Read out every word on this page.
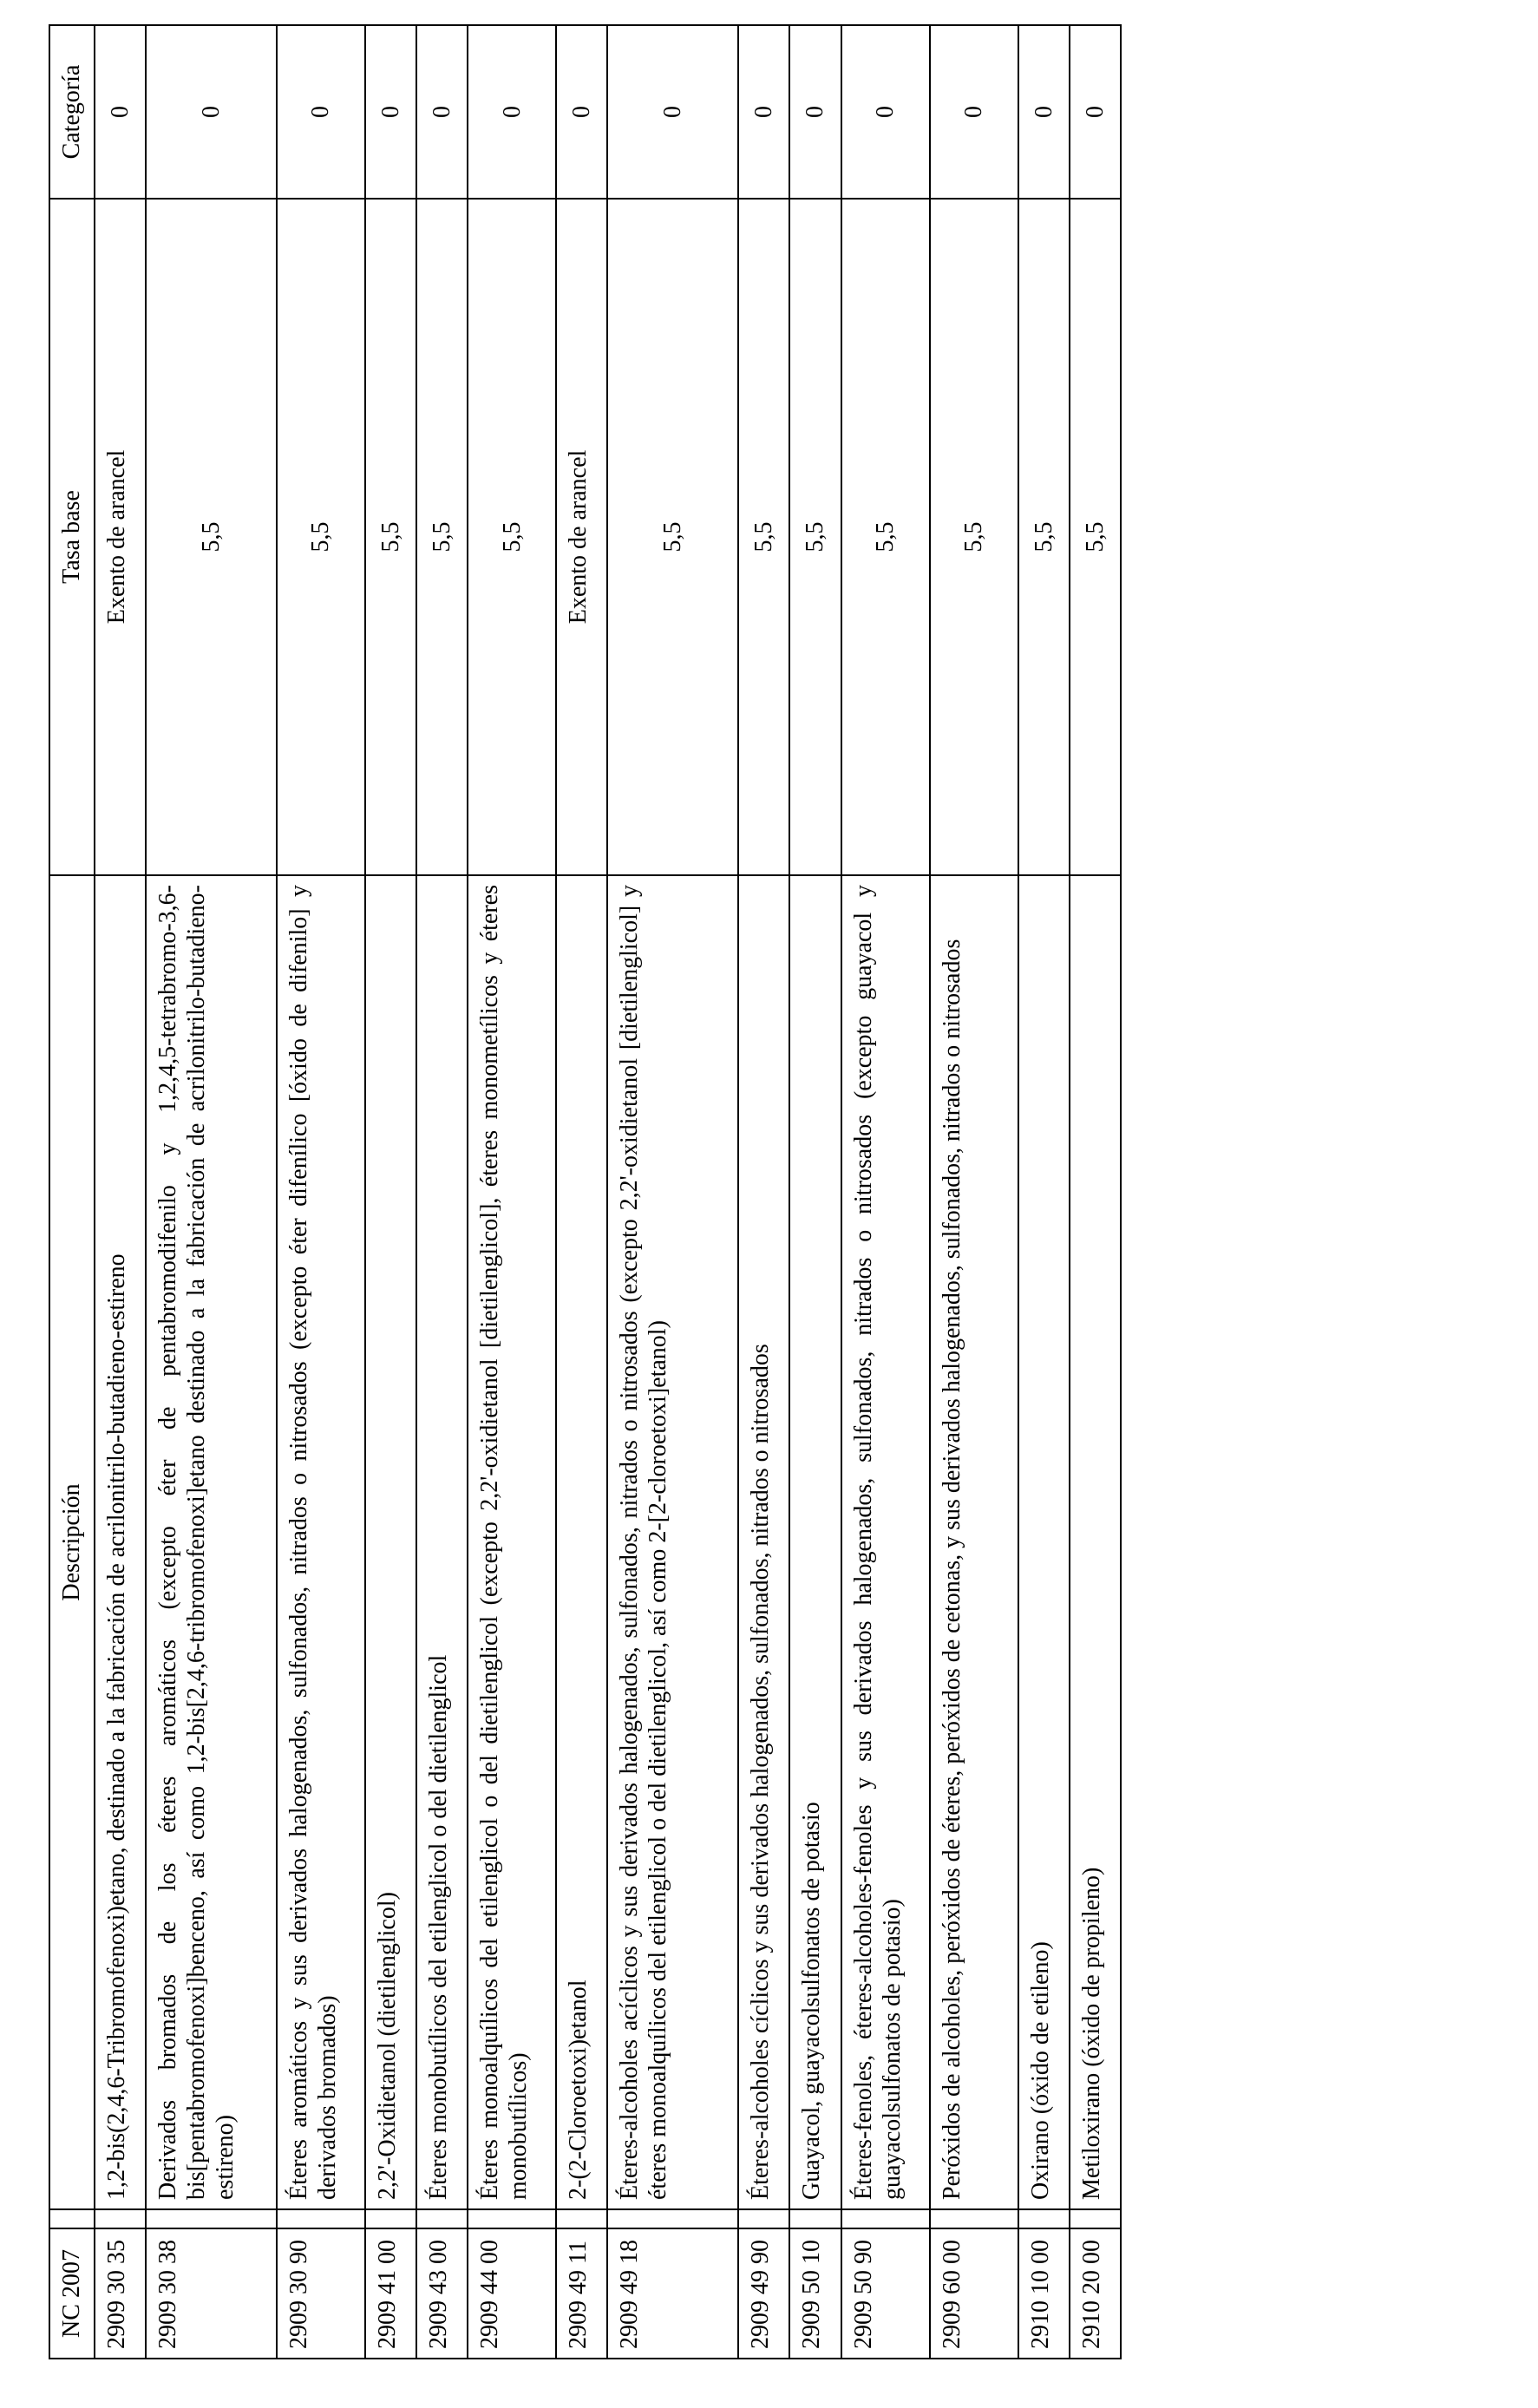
NC 2007		Descripción	Tasa base	Categoría
2909 30 35		1,2-bis(2,4,6-Tribromofenoxi)etano, destinado a la fabricación de acrilonitrilo-butadieno-estireno	Exento de arancel	0
2909 30 38		Derivados bromados de los éteres aromáticos (excepto éter de pentabromodifenilo y 1,2,4,5-tetrabromo-3,6-bis[pentabromofenoxi]benceno, así como 1,2-bis[2,4,6-tribromofenoxi]etano destinado a la fabricación de acrilonitrilo-butadieno-estireno)	5,5	0
2909 30 90		Éteres aromáticos y sus derivados halogenados, sulfonados, nitrados o nitrosados (excepto éter difenílico [óxido de difenilo] y derivados bromados)	5,5	0
2909 41 00		2,2'-Oxidietanol (dietilenglicol)	5,5	0
2909 43 00		Éteres monobutílicos del etilenglicol o del dietilenglicol	5,5	0
2909 44 00		Éteres monoalquílicos del etilenglicol o del dietilenglicol (excepto 2,2'-oxidietanol [dietilenglicol], éteres monometílicos y éteres monobutílicos)	5,5	0
2909 49 11		2-(2-Cloroetoxi)etanol	Exento de arancel	0
2909 49 18		Éteres-alcoholes acíclicos y sus derivados halogenados, sulfonados, nitrados o nitrosados (excepto 2,2'-oxidietanol [dietilenglicol] y éteres monoalquílicos del etilenglicol o del dietilenglicol, así como 2-[2-cloroetoxi]etanol)	5,5	0
2909 49 90		Éteres-alcoholes cíclicos y sus derivados halogenados, sulfonados, nitrados o nitrosados	5,5	0
2909 50 10		Guayacol, guayacolsulfonatos de potasio	5,5	0
2909 50 90		Éteres-fenoles, éteres-alcoholes-fenoles y sus derivados halogenados, sulfonados, nitrados o nitrosados (excepto guayacol y guayacolsulfonatos de potasio)	5,5	0
2909 60 00		Peróxidos de alcoholes, peróxidos de éteres, peróxidos de cetonas, y sus derivados halogenados, sulfonados, nitrados o nitrosados	5,5	0
2910 10 00		Oxirano (óxido de etileno)	5,5	0
2910 20 00		Metiloxirano (óxido de propileno)	5,5	0
